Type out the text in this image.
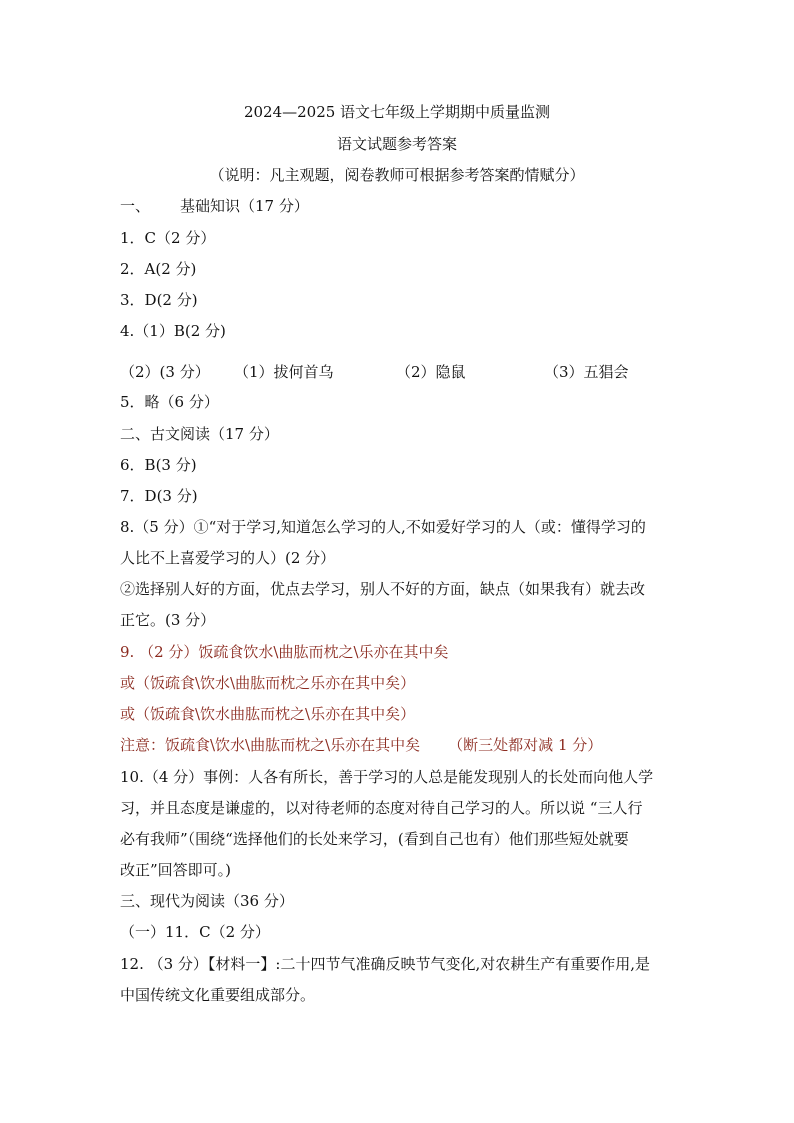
2024—2025 语文七年级上学期期中质量监测
语文试题参考答案
（说明：凡主观题，阅卷教师可根据参考答案酌情赋分）
一、 基础知识（17 分）
1．C（2 分）
2．A(2 分)
3．D(2 分)
4.（1）B(2 分)
（2）(3 分） （1）拔何首乌	（2）隐鼠	（3）五猖会
5．略（6 分）
二、古文阅读（17 分）
6．B(3 分)
7．D(3 分)
8.（5 分）①“对于学习,知道怎么学习的人,不如爱好学习的人（或：懂得学习的
人比不上喜爱学习的人）(2 分）
②选择别人好的方面，优点去学习，别人不好的方面，缺点（如果我有）就去改
正它。(3 分）
9. （2 分）饭疏食饮水\曲肱而枕之\乐亦在其中矣
或（饭疏食\饮水\曲肱而枕之乐亦在其中矣）
或（饭疏食\饮水曲肱而枕之\乐亦在其中矣）
注意：饭疏食\饮水\曲肱而枕之\乐亦在其中矣 （断三处都对减 1 分）
10.（4 分）事例：人各有所长，善于学习的人总是能发现别人的长处而向他人学
习，并且态度是谦虚的，以对待老师的态度对待自己学习的人。所以说 “三人行
必有我师”（围绕“选择他们的长处来学习，(看到自己也有）他们那些短处就要
改正”回答即可。)
三、现代为阅读（36 分）
（一）11．C（2 分）
12. （3 分）【材料一】:二十四节气准确反映节气变化,对农耕生产有重要作用,是
中国传统文化重要组成部分。
